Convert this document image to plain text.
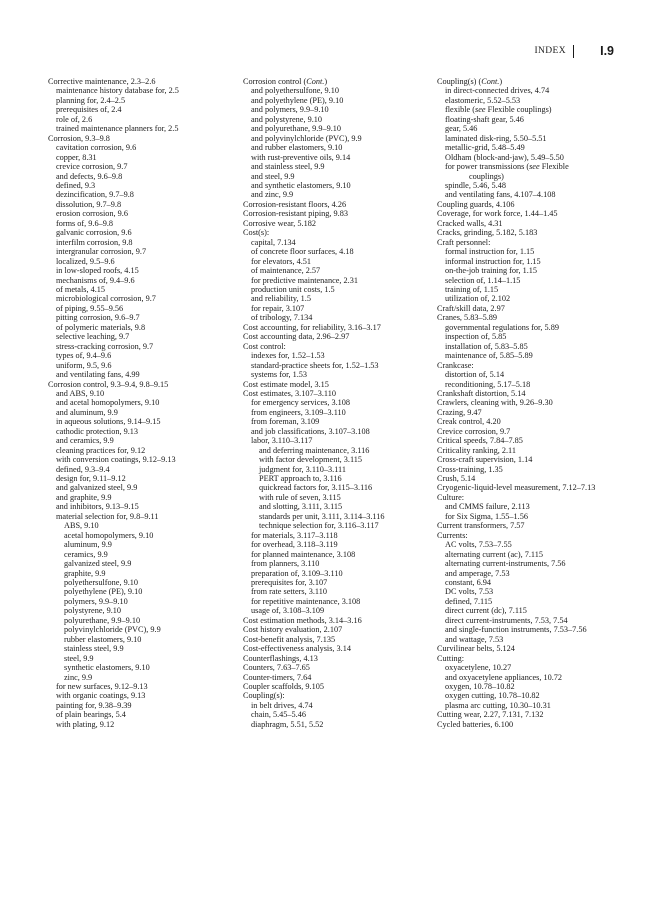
INDEX	I.9
Corrective maintenance, 2.3–2.6
maintenance history database for, 2.5
planning for, 2.4–2.5
prerequisites of, 2.4
role of, 2.6
trained maintenance planners for, 2.5
Corrosion, 9.3–9.8
cavitation corrosion, 9.6
copper, 8.31
crevice corrosion, 9.7
and defects, 9.6–9.8
defined, 9.3
dezincification, 9.7–9.8
dissolution, 9.7–9.8
erosion corrosion, 9.6
forms of, 9.6–9.8
galvanic corrosion, 9.6
interfilm corrosion, 9.8
intergranular corrosion, 9.7
localized, 9.5–9.6
in low-sloped roofs, 4.15
mechanisms of, 9.4–9.6
of metals, 4.15
microbiological corrosion, 9.7
of piping, 9.55–9.56
pitting corrosion, 9.6–9.7
of polymeric materials, 9.8
selective leaching, 9.7
stress-cracking corrosion, 9.7
types of, 9.4–9.6
uniform, 9.5, 9.6
and ventilating fans, 4.99
Corrosion control, 9.3–9.4, 9.8–9.15
and ABS, 9.10
and acetal homopolymers, 9.10
and aluminum, 9.9
in aqueous solutions, 9.14–9.15
cathodic protection, 9.13
and ceramics, 9.9
cleaning practices for, 9.12
with conversion coatings, 9.12–9.13
defined, 9.3–9.4
design for, 9.11–9.12
and galvanized steel, 9.9
and graphite, 9.9
and inhibitors, 9.13–9.15
material selection for, 9.8–9.11
ABS, 9.10
acetal homopolymers, 9.10
aluminum, 9.9
ceramics, 9.9
galvanized steel, 9.9
graphite, 9.9
polyethersulfone, 9.10
polyethylene (PE), 9.10
polymers, 9.9–9.10
polystyrene, 9.10
polyurethane, 9.9–9.10
polyvinylchloride (PVC), 9.9
rubber elastomers, 9.10
stainless steel, 9.9
steel, 9.9
synthetic elastomers, 9.10
zinc, 9.9
for new surfaces, 9.12–9.13
with organic coatings, 9.13
painting for, 9.38–9.39
of plain bearings, 5.4
with plating, 9.12
Corrosion control (Cont.)
and polyethersulfone, 9.10
and polyethylene (PE), 9.10
and polymers, 9.9–9.10
and polystyrene, 9.10
and polyurethane, 9.9–9.10
and polyvinylchloride (PVC), 9.9
and rubber elastomers, 9.10
with rust-preventive oils, 9.14
and stainless steel, 9.9
and steel, 9.9
and synthetic elastomers, 9.10
and zinc, 9.9
Corrosion-resistant floors, 4.26
Corrosion-resistant piping, 9.83
Corrosive wear, 5.182
Cost(s):
capital, 7.134
of concrete floor surfaces, 4.18
for elevators, 4.51
of maintenance, 2.57
for predictive maintenance, 2.31
production unit costs, 1.5
and reliability, 1.5
for repair, 3.107
of tribology, 7.134
Cost accounting, for reliability, 3.16–3.17
Cost accounting data, 2.96–2.97
Cost control:
indexes for, 1.52–1.53
standard-practice sheets for, 1.52–1.53
systems for, 1.53
Cost estimate model, 3.15
Cost estimates, 3.107–3.110
for emergency services, 3.108
from engineers, 3.109–3.110
from foreman, 3.109
and job classifications, 3.107–3.108
labor, 3.110–3.117
and deferring maintenance, 3.116
with factor development, 3.115
judgment for, 3.110–3.111
PERT approach to, 3.116
quickread factors for, 3.115–3.116
with rule of seven, 3.115
and slotting, 3.111, 3.115
standards per unit, 3.111, 3.114–3.116
technique selection for, 3.116–3.117
for materials, 3.117–3.118
for overhead, 3.118–3.119
for planned maintenance, 3.108
from planners, 3.110
preparation of, 3.109–3.110
prerequisites for, 3.107
from rate setters, 3.110
for repetitive maintenance, 3.108
usage of, 3.108–3.109
Cost estimation methods, 3.14–3.16
Cost history evaluation, 2.107
Cost-benefit analysis, 7.135
Cost-effectiveness analysis, 3.14
Counterflashings, 4.13
Counters, 7.63–7.65
Counter-timers, 7.64
Coupler scaffolds, 9.105
Coupling(s):
in belt drives, 4.74
chain, 5.45–5.46
diaphragm, 5.51, 5.52
Coupling(s) (Cont.)
in direct-connected drives, 4.74
elastomeric, 5.52–5.53
flexible (see Flexible couplings)
floating-shaft gear, 5.46
gear, 5.46
laminated disk-ring, 5.50–5.51
metallic-grid, 5.48–5.49
Oldham (block-and-jaw), 5.49–5.50
for power transmissions (see Flexible
couplings)
spindle, 5.46, 5.48
and ventilating fans, 4.107–4.108
Coupling guards, 4.106
Coverage, for work force, 1.44–1.45
Cracked walls, 4.31
Cracks, grinding, 5.182, 5.183
Craft personnel:
formal instruction for, 1.15
informal instruction for, 1.15
on-the-job training for, 1.15
selection of, 1.14–1.15
training of, 1.15
utilization of, 2.102
Craft/skill data, 2.97
Cranes, 5.83–5.89
governmental regulations for, 5.89
inspection of, 5.85
installation of, 5.83–5.85
maintenance of, 5.85–5.89
Crankcase:
distortion of, 5.14
reconditioning, 5.17–5.18
Crankshaft distortion, 5.14
Crawlers, cleaning with, 9.26–9.30
Crazing, 9.47
Creak control, 4.20
Crevice corrosion, 9.7
Critical speeds, 7.84–7.85
Criticality ranking, 2.11
Cross-craft supervision, 1.14
Cross-training, 1.35
Crush, 5.14
Cryogenic-liquid-level measurement, 7.12–7.13
Culture:
and CMMS failure, 2.113
for Six Sigma, 1.55–1.56
Current transformers, 7.57
Currents:
AC volts, 7.53–7.55
alternating current (ac), 7.115
alternating current-instruments, 7.56
and amperage, 7.53
constant, 6.94
DC volts, 7.53
defined, 7.115
direct current (dc), 7.115
direct current-instruments, 7.53, 7.54
and single-function instruments, 7.53–7.56
and wattage, 7.53
Curvilinear belts, 5.124
Cutting:
oxyacetylene, 10.27
and oxyacetylene appliances, 10.72
oxygen, 10.78–10.82
oxygen cutting, 10.78–10.82
plasma arc cutting, 10.30–10.31
Cutting wear, 2.27, 7.131, 7.132
Cycled batteries, 6.100
